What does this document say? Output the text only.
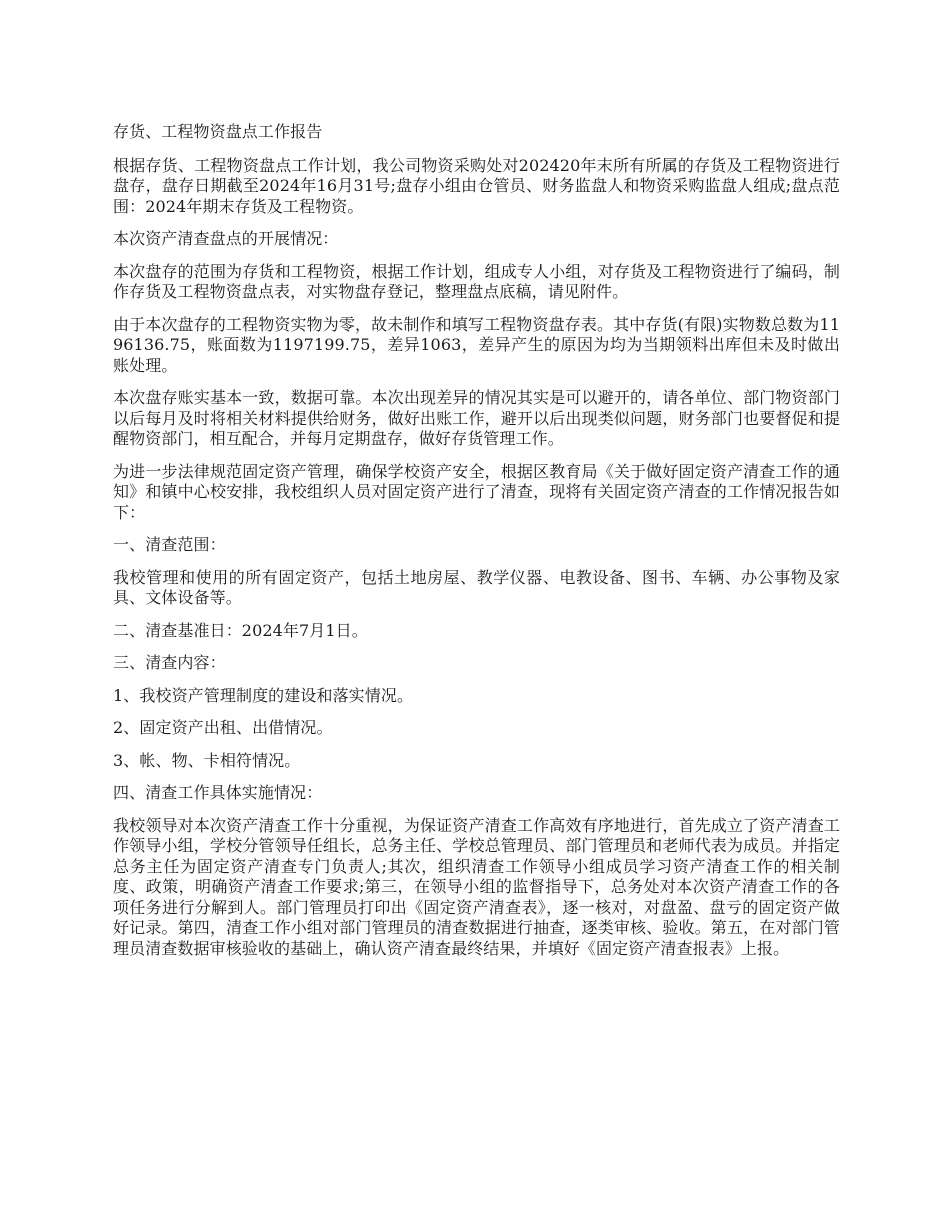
存货、工程物资盘点工作报告

根据存货、工程物资盘点工作计划，我公司物资采购处对202420年末所有所属的存货及工程物资进行盘存，盘存日期截至2024年16月31号;盘存小组由仓管员、财务监盘人和物资采购监盘人组成;盘点范围：2024年期末存货及工程物资。

本次资产清查盘点的开展情况：

本次盘存的范围为存货和工程物资，根据工作计划，组成专人小组，对存货及工程物资进行了编码，制作存货及工程物资盘点表，对实物盘存登记，整理盘点底稿，请见附件。

由于本次盘存的工程物资实物为零，故未制作和填写工程物资盘存表。其中存货(有限)实物数总数为1196136.75，账面数为1197199.75，差异1063，差异产生的原因为均为当期领料出库但未及时做出账处理。

本次盘存账实基本一致，数据可靠。本次出现差异的情况其实是可以避开的，请各单位、部门物资部门以后每月及时将相关材料提供给财务，做好出账工作，避开以后出现类似问题，财务部门也要督促和提醒物资部门，相互配合，并每月定期盘存，做好存货管理工作。

为进一步法律规范固定资产管理，确保学校资产安全，根据区教育局《关于做好固定资产清查工作的通知》和镇中心校安排，我校组织人员对固定资产进行了清查，现将有关固定资产清查的工作情况报告如下：

一、清查范围：

我校管理和使用的所有固定资产，包括土地房屋、教学仪器、电教设备、图书、车辆、办公事物及家具、文体设备等。

二、清查基准日：2024年7月1日。

三、清查内容：

1、我校资产管理制度的建设和落实情况。

2、固定资产出租、出借情况。

3、帐、物、卡相符情况。

四、清查工作具体实施情况：

我校领导对本次资产清查工作十分重视，为保证资产清查工作高效有序地进行，首先成立了资产清查工作领导小组，学校分管领导任组长，总务主任、学校总管理员、部门管理员和老师代表为成员。并指定总务主任为固定资产清查专门负责人;其次，组织清查工作领导小组成员学习资产清查工作的相关制度、政策，明确资产清查工作要求;第三，在领导小组的监督指导下，总务处对本次资产清查工作的各项任务进行分解到人。部门管理员打印出《固定资产清查表》，逐一核对，对盘盈、盘亏的固定资产做好记录。第四，清查工作小组对部门管理员的清查数据进行抽查，逐类审核、验收。第五，在对部门管理员清查数据审核验收的基础上，确认资产清查最终结果，并填好《固定资产清查报表》上报。
